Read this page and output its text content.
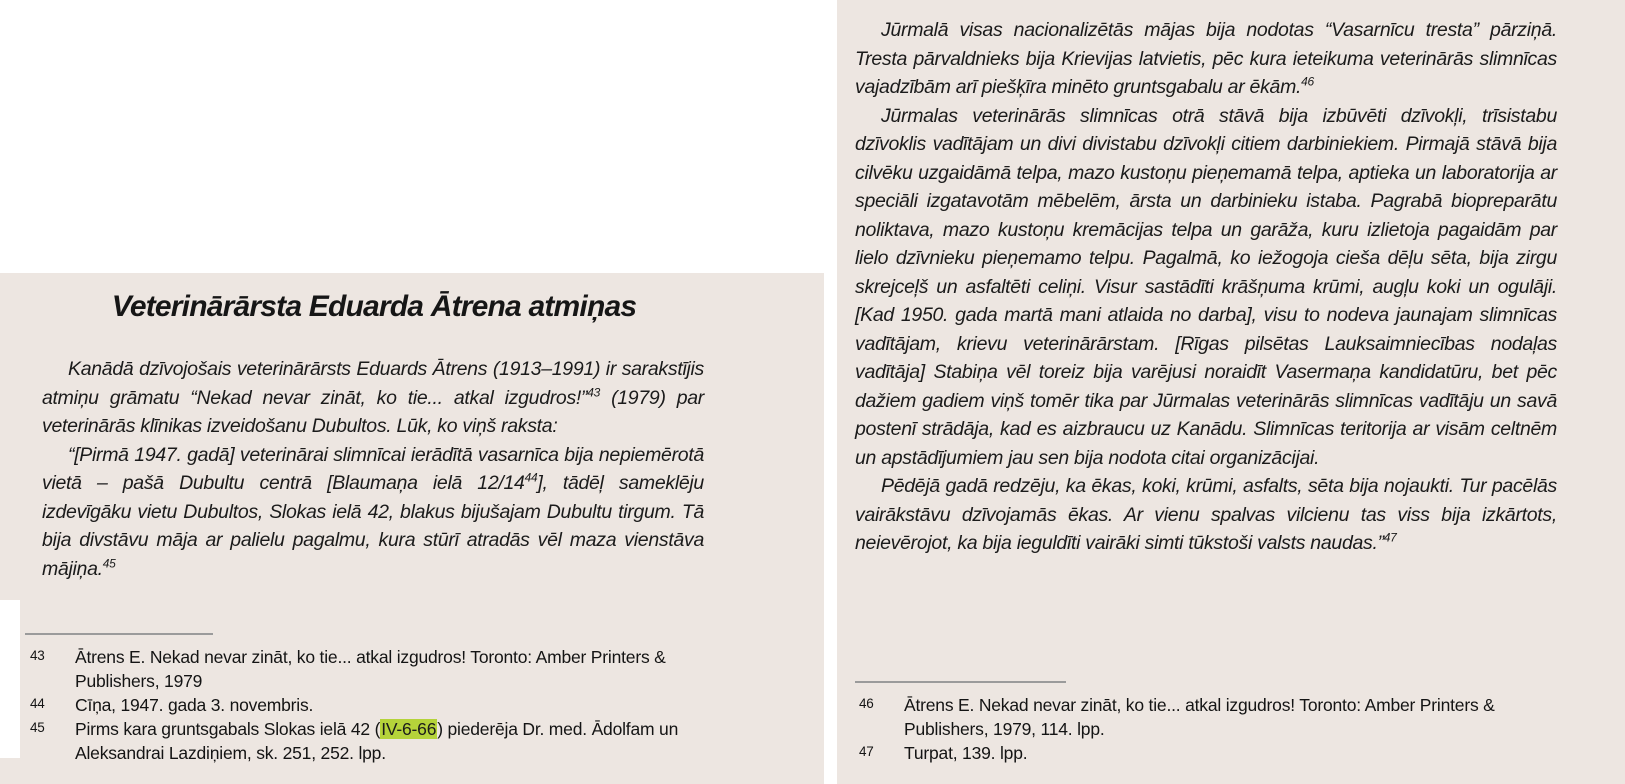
Veterinārārsta Eduarda Ātrena atmiņas

Kanādā dzīvojošais veterinārārsts Eduards Ātrens (1913–1991) ir sarakstījis atmiņu grāmatu “Nekad nevar zināt, ko tie... atkal izgudros!”$^{43}$ (1979) par veterinārās klīnikas izveidošanu Dubultos. Lūk, ko viņš raksta:

“[Pirmā 1947. gadā] veterinārai slimnīcai ierādītā vasarnīca bija nepiemērotā vietā – pašā Dubultu centrā [Blaumaņa ielā $12/14^{44}$], tādēļ sameklēju izdevīgāku vietu Dubultos, Slokas ielā 42, blakus bijušajam Dubultu tirgum. Tā bija divstāvu māja ar palielu pagalmu, kura stūrī atradās vēl maza vienstāva mājiņa.$^{45}$

43	Ātrens E. Nekad nevar zināt, ko tie... atkal izgudros! Toronto: Amber Printers & Publishers, 1979
44	Cīņa, 1947. gada 3. novembris.
45	Pirms kara gruntsgabals Slokas ielā 42 (IV-6-66) piederēja Dr. med. Ādolfam un Aleksandrai Lazdiņiem, sk. 251, 252. lpp.

Jūrmalā visas nacionalizētās mājas bija nodotas “Vasarnīcu tresta” pārziņā. Tresta pārvaldnieks bija Krievijas latvietis, pēc kura ieteikuma veterinārās slimnīcas vajadzībām arī piešķīra minēto gruntsgabalu ar ēkām.$^{46}$

Jūrmalas veterinārās slimnīcas otrā stāvā bija izbūvēti dzīvokļi, trīsistabu dzīvoklis vadītājam un divi divistabu dzīvokļi citiem darbiniekiem. Pirmajā stāvā bija cilvēku uzgaidāmā telpa, mazo kustoņu pieņemamā telpa, aptieka un laboratorija ar speciāli izgatavotām mēbelēm, ārsta un darbinieku istaba. Pagrabā biopreparātu noliktava, mazo kustoņu kremācijas telpa un garāža, kuru izlietoja pagaidām par lielo dzīvnieku pieņemamo telpu. Pagalmā, ko iežogoja cieša dēļu sēta, bija zirgu skrejceļš un asfaltēti celiņi. Visur sastādīti krāšņuma krūmi, augļu koki un ogulāji. [Kad 1950. gada martā mani atlaida no darba], visu to nodeva jaunajam slimnīcas vadītājam, krievu veterinārārstam. [Rīgas pilsētas Lauksaimniecības nodaļas vadītāja] Stabiņa vēl toreiz bija varējusi noraidīt Vasermaņa kandidatūru, bet pēc dažiem gadiem viņš tomēr tika par Jūrmalas veterinārās slimnīcas vadītāju un savā postenī strādāja, kad es aizbraucu uz Kanādu. Slimnīcas teritorija ar visām celtnēm un apstādījumiem jau sen bija nodota citai organizācijai.

Pēdējā gadā redzēju, ka ēkas, koki, krūmi, asfalts, sēta bija nojaukti. Tur pacēlās vairākstāvu dzīvojamās ēkas. Ar vienu spalvas vilcienu tas viss bija izkārtots, neievērojot, ka bija ieguldīti vairāki simti tūkstoši valsts naudas.”$^{47}$

46	Ātrens E. Nekad nevar zināt, ko tie... atkal izgudros! Toronto: Amber Printers & Publishers, 1979, 114. lpp.
47	Turpat, 139. lpp.
